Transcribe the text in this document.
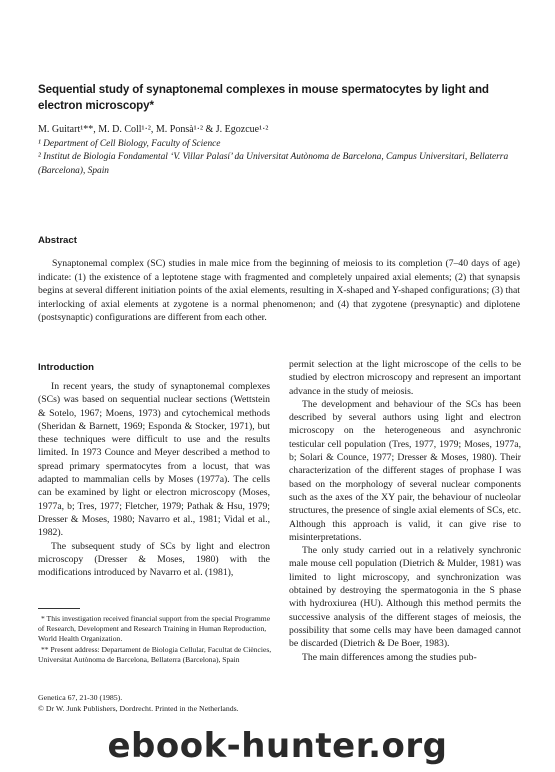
Sequential study of synaptonemal complexes in mouse spermatocytes by light and electron microscopy*
M. Guitart¹**, M. D. Coll¹·², M. Ponsà¹·² & J. Egozcue¹·²
¹ Department of Cell Biology, Faculty of Science
² Institut de Biologia Fondamental ‘V. Villar Palasí’ da Universitat Autònoma de Barcelona, Campus Universitari, Bellaterra (Barcelona), Spain
Abstract
Synaptonemal complex (SC) studies in male mice from the beginning of meiosis to its completion (7–40 days of age) indicate: (1) the existence of a leptotene stage with fragmented and completely unpaired axial elements; (2) that synapsis begins at several different initiation points of the axial elements, resulting in X-shaped and Y-shaped configurations; (3) that interlocking of axial elements at zygotene is a normal phenomenon; and (4) that zygotene (presynaptic) and diplotene (postsynaptic) configurations are different from each other.
Introduction

In recent years, the study of synaptonemal complexes (SCs) was based on sequential nuclear sections (Wettstein & Sotelo, 1967; Moens, 1973) and cytochemical methods (Sheridan & Barnett, 1969; Esponda & Stocker, 1971), but these techniques were difficult to use and the results limited. In 1973 Counce and Meyer described a method to spread primary spermatocytes from a locust, that was adapted to mammalian cells by Moses (1977a). The cells can be examined by light or electron microscopy (Moses, 1977a, b; Tres, 1977; Fletcher, 1979; Pathak & Hsu, 1979; Dresser & Moses, 1980; Navarro et al., 1981; Vidal et al., 1982).

The subsequent study of SCs by light and electron microscopy (Dresser & Moses, 1980) with the modifications introduced by Navarro et al. (1981),

permit selection at the light microscope of the cells to be studied by electron microscopy and represent an important advance in the study of meiosis.

The development and behaviour of the SCs has been described by several authors using light and electron microscopy on the heterogeneous and asynchronic testicular cell population (Tres, 1977, 1979; Moses, 1977a, b; Solari & Counce, 1977; Dresser & Moses, 1980). Their characterization of the different stages of prophase I was based on the morphology of several nuclear components such as the axes of the XY pair, the behaviour of nucleolar structures, the presence of single axial elements of SCs, etc. Although this approach is valid, it can give rise to misinterpretations.

The only study carried out in a relatively synchronic male mouse cell population (Dietrich & Mulder, 1981) was limited to light microscopy, and synchronization was obtained by destroying the spermatogonia in the S phase with hydroxiurea (HU). Although this method permits the successive analysis of the different stages of meiosis, the possibility that some cells may have been damaged cannot be discarded (Dietrich & De Boer, 1983).

The main differences among the studies pub-

* This investigation received financial support from the special Programme of Research, Development and Research Training in Human Reproduction, World Health Organization.

** Present address: Departament de Biologia Cellular, Facultat de Ciències, Universitat Autònoma de Barcelona, Bellaterra (Barcelona), Spain

Genetica 67, 21-30 (1985).
© Dr W. Junk Publishers, Dordrecht. Printed in the Netherlands.
ebook-hunter.org
